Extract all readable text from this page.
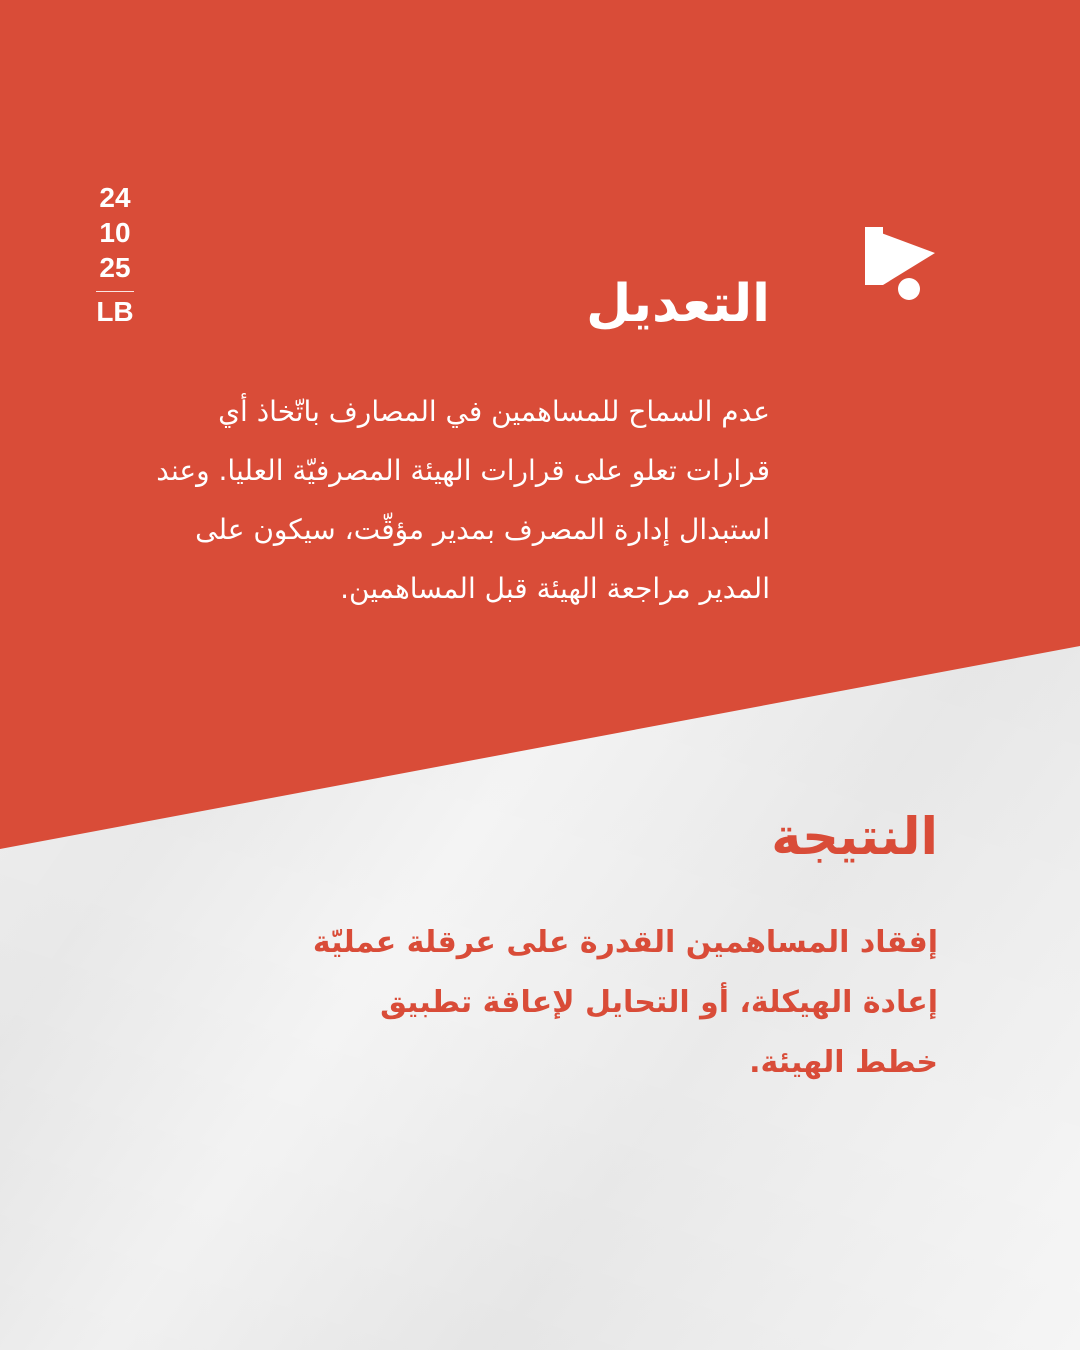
24
10
25
LB	التعديل

عدم السماح للمساهمين في المصارف باتّخاذ أي قرارات تعلو على قرارات الهيئة المصرفيّة العليا. وعند استبدال إدارة المصرف بمدير مؤقّت، سيكون على المدير مراجعة الهيئة قبل المساهمين.

النتيجة

إفقاد المساهمين القدرة على عرقلة عمليّة إعادة الهيكلة، أو التحايل لإعاقة تطبيق خطط الهيئة.
